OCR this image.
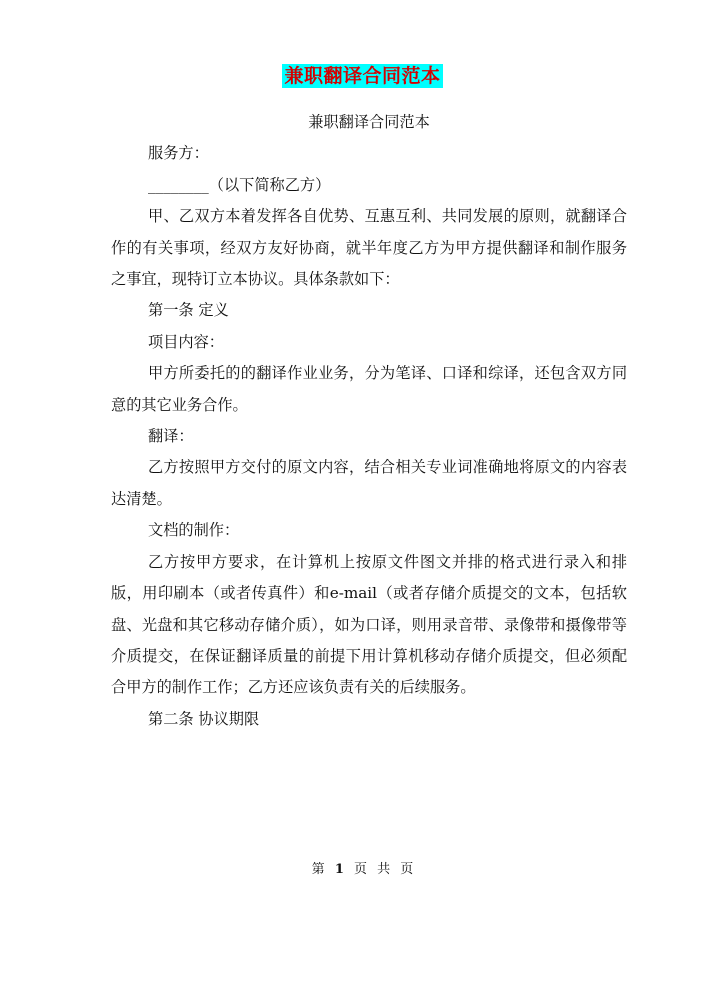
兼职翻译合同范本

兼职翻译合同范本

服务方：

________（以下简称乙方）

甲、乙双方本着发挥各自优势、互惠互利、共同发展的原则，就翻译合作的有关事项，经双方友好协商，就半年度乙方为甲方提供翻译和制作服务之事宜，现特订立本协议。具体条款如下：

第一条 定义

项目内容：

甲方所委托的的翻译作业业务，分为笔译、口译和综译，还包含双方同意的其它业务合作。

翻译：

乙方按照甲方交付的原文内容，结合相关专业词准确地将原文的内容表达清楚。

文档的制作：

乙方按甲方要求，在计算机上按原文件图文并排的格式进行录入和排版，用印刷本（或者传真件）和e-mail（或者存储介质提交的文本，包括软盘、光盘和其它移动存储介质），如为口译，则用录音带、录像带和摄像带等介质提交，在保证翻译质量的前提下用计算机移动存储介质提交，但必须配合甲方的制作工作；乙方还应该负责有关的后续服务。

第二条 协议期限

第 1 页 共 页
